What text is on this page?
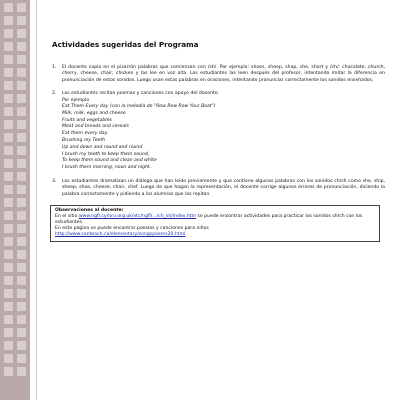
Actividades sugeridas del Programa
1.	El docente copia en el pizarrón palabras que comienzan con /sh/. Por ejemplo: shoes, sheep, shop, she, short y /ch/: chocolate, church, cherry, cheese, chair, chicken y las lee en voz alta. Los estudiantes las leen después del profesor, intentando imitar la diferencia en pronunciación de estos sonidos. Luego usan estas palabras en oraciones, intentando pronunciar correctamente los sonidos enseñados.
2.	Los estudiantes recitan poemas y canciones con apoyo del docente.
Por ejemplo
Eat Them Every day (con la melodía de "Row Row Row Your Boat")
Milk, milk, eggs and cheese
Fruits and vegetables
Meat and breads and cereals
Eat them every day.
Brushing my Teeth
Up and down and round and round
I brush my teeth to keep them sound,
To keep them sound and clean and white
I brush them morning, noon and night.
3.	Los estudiantes dramatizan un diálogo que han leído previamente y que contiene algunas palabras con los sonidos ch/sh como she, ship, sheep, shoe, cheese, chair, chef. Luego de que hagan la representación, el docente corrige algunos errores de pronunciación, diciendo la palabra correctamente y pidiendo a los alumnos que las repitan.
Observaciones al docente:
En el sitio www.ngfl.cymru.org.uk/vtc/ngfl/.../ch_sh/index.htm se puede encontrar actividades para practicar los sonidos sh/ch con los estudiantes.
En esta página se puede encontrar poesías y canciones para niños
http://www.canteach.ca/elementary/songspoems20.html
